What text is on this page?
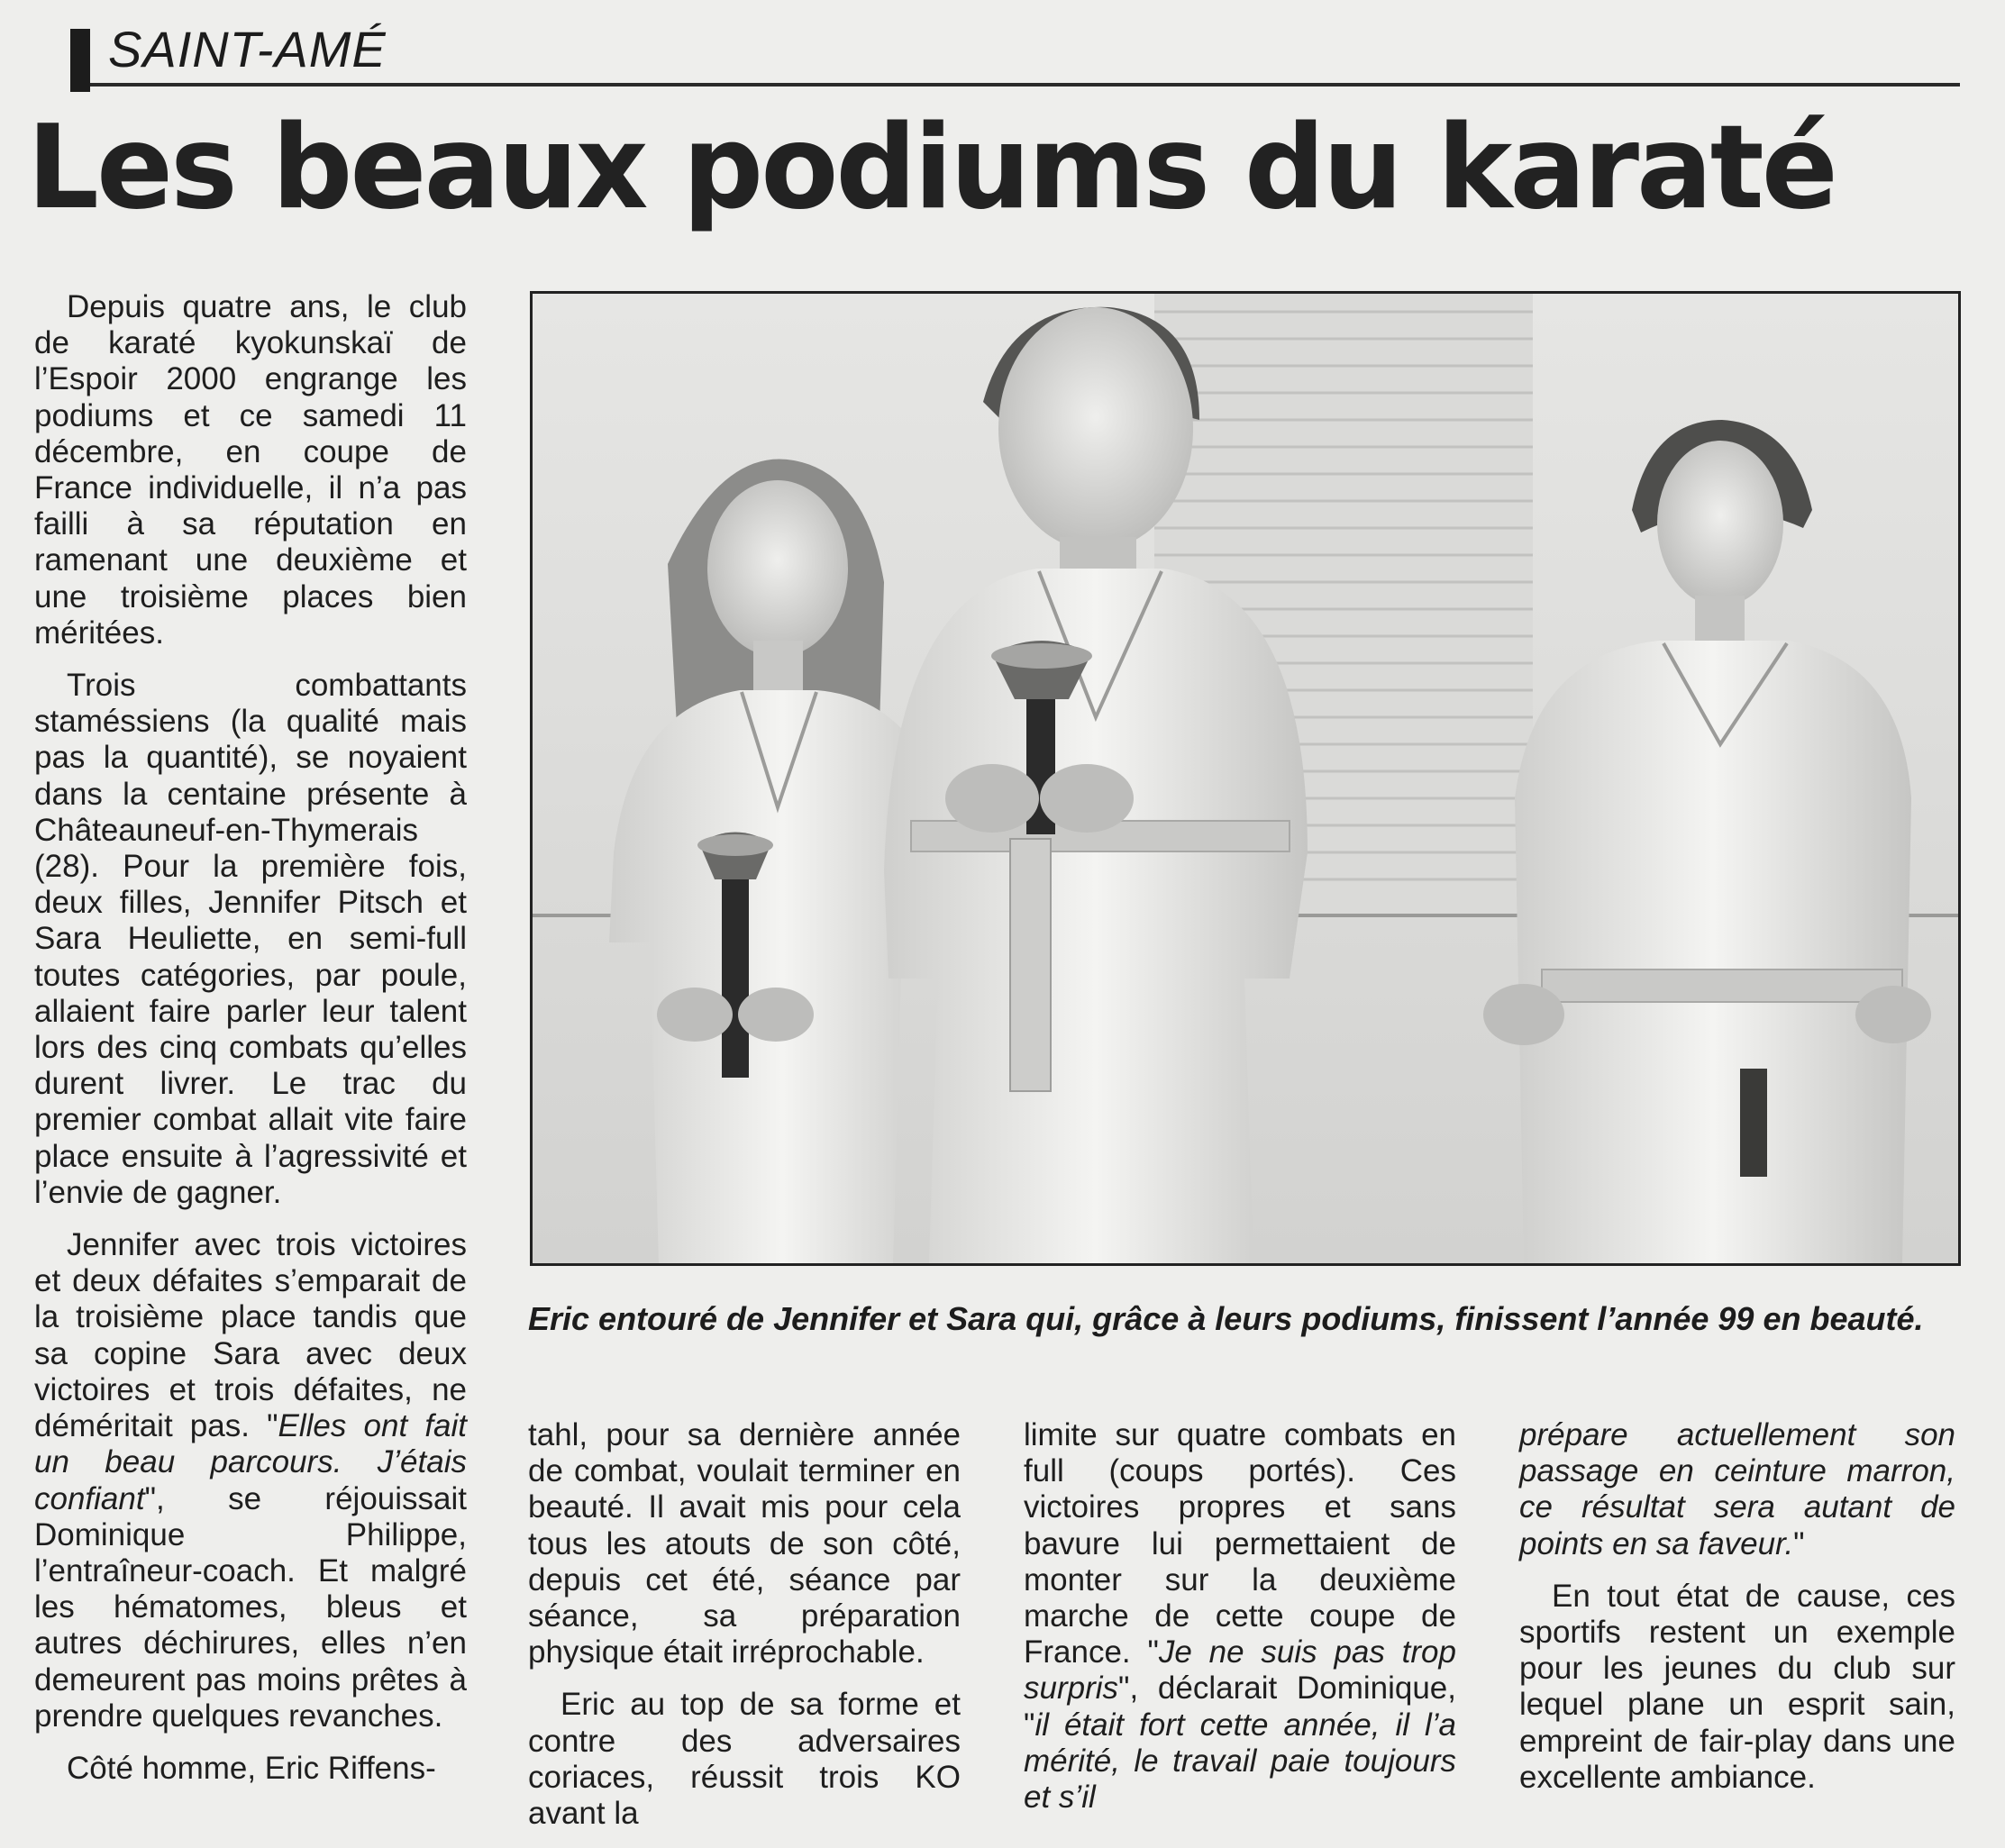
SAINT-AMÉ
Les beaux podiums du karaté

Depuis quatre ans, le club de karaté kyokunskaï de l’Espoir 2000 engrange les podiums et ce samedi 11 décembre, en coupe de France individuelle, il n’a pas failli à sa réputation en ramenant une deuxième et une troisième places bien méritées.

Trois combattants staméssiens (la qualité mais pas la quantité), se noyaient dans la centaine présente à Châteauneuf-en-Thymerais (28). Pour la première fois, deux filles, Jennifer Pitsch et Sara Heuliette, en semi-full toutes catégories, par poule, allaient faire parler leur talent lors des cinq combats qu’elles durent livrer. Le trac du premier combat allait vite faire place ensuite à l’agressivité et l’envie de gagner.

Jennifer avec trois victoires et deux défaites s’emparait de la troisième place tandis que sa copine Sara avec deux victoires et trois défaites, ne déméritait pas. "Elles ont fait un beau parcours. J’étais confiant", se réjouissait Dominique Philippe, l’entraîneur-coach. Et malgré les hématomes, bleus et autres déchirures, elles n’en demeurent pas moins prêtes à prendre quelques revanches.

Côté homme, Eric Riffens-

Eric entouré de Jennifer et Sara qui, grâce à leurs podiums, finissent l’année 99 en beauté.

tahl, pour sa dernière année de combat, voulait terminer en beauté. Il avait mis pour cela tous les atouts de son côté, depuis cet été, séance par séance, sa préparation physique était irréprochable.

Eric au top de sa forme et contre des adversaires coriaces, réussit trois KO avant la

limite sur quatre combats en full (coups portés). Ces victoires propres et sans bavure lui permettaient de monter sur la deuxième marche de cette coupe de France. "Je ne suis pas trop surpris", déclarait Dominique, "il était fort cette année, il l’a mérité, le travail paie toujours et s’il

prépare actuellement son passage en ceinture marron, ce résultat sera autant de points en sa faveur."

En tout état de cause, ces sportifs restent un exemple pour les jeunes du club sur lequel plane un esprit sain, empreint de fair-play dans une excellente ambiance.
